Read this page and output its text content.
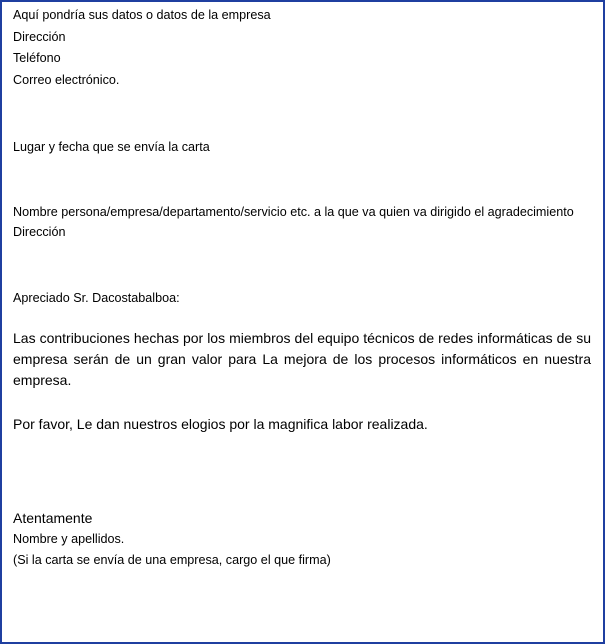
Aquí pondría sus datos o datos de la empresa

Dirección

Teléfono

Correo electrónico.

Lugar y fecha que se envía la carta

Nombre persona/empresa/departamento/servicio etc. a la que va quien va dirigido el agradecimiento

Dirección

Apreciado Sr. Dacostabalboa:

Las contribuciones hechas por los miembros del equipo técnicos de redes informáticas de su empresa serán de un gran valor para La mejora de los procesos informáticos en nuestra empresa.

Por favor, Le dan nuestros elogios por la magnifica labor realizada.

Atentamente

Nombre y apellidos.

(Si la carta se envía de una empresa, cargo el que firma)
